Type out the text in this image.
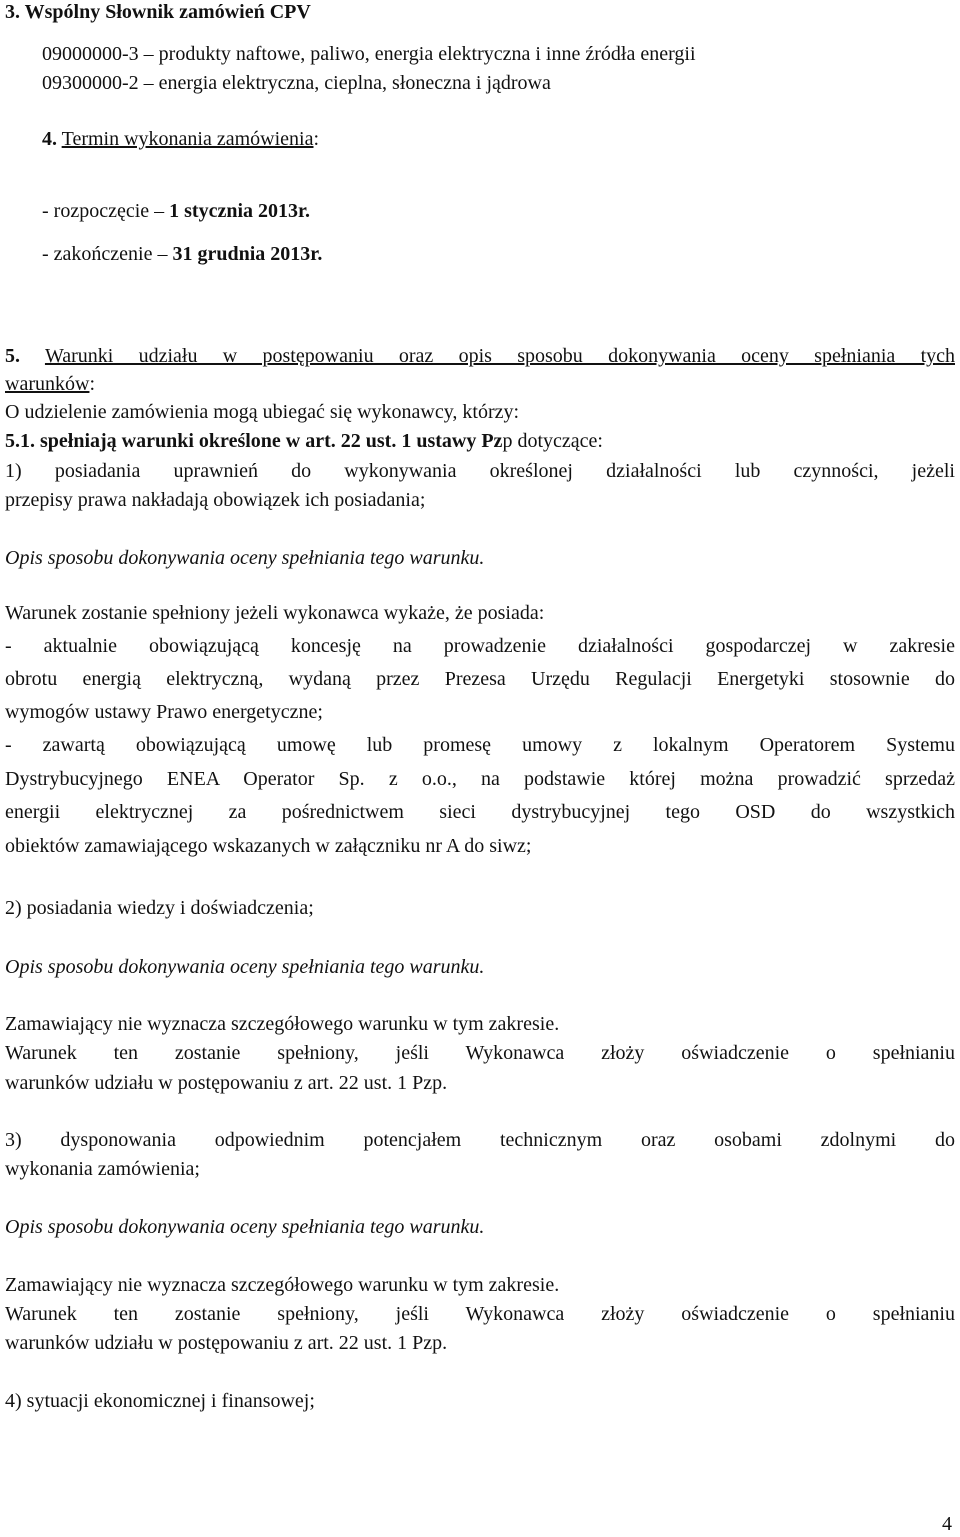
3. Wspólny Słownik zamówień CPV

09000000-3 – produkty naftowe, paliwo, energia elektryczna i inne źródła energii

09300000-2 – energia elektryczna, cieplna, słoneczna i jądrowa

4. Termin wykonania zamówienia:

- rozpoczęcie – 1 stycznia 2013r.

- zakończenie – 31 grudnia 2013r.

5. Warunki udziału w postępowaniu oraz opis sposobu dokonywania oceny spełniania tych

warunków:

O udzielenie zamówienia mogą ubiegać się wykonawcy, którzy:

5.1. spełniają warunki określone w art. 22 ust. 1 ustawy Pzp dotyczące:

1) posiadania uprawnień do wykonywania określonej działalności lub czynności, jeżeli

przepisy prawa nakładają obowiązek ich posiadania;

Opis sposobu dokonywania oceny spełniania tego warunku.

Warunek zostanie spełniony jeżeli wykonawca wykaże, że posiada:

- aktualnie obowiązującą koncesję na prowadzenie działalności gospodarczej w zakresie

obrotu energią elektryczną, wydaną przez Prezesa Urzędu Regulacji Energetyki stosownie do

wymogów ustawy Prawo energetyczne;

- zawartą obowiązującą umowę lub promesę umowy z lokalnym Operatorem Systemu

Dystrybucyjnego ENEA Operator Sp. z o.o., na podstawie której można prowadzić sprzedaż

energii elektrycznej za pośrednictwem sieci dystrybucyjnej tego OSD do wszystkich

obiektów zamawiającego wskazanych w załączniku nr A do siwz;

2) posiadania wiedzy i doświadczenia;

Opis sposobu dokonywania oceny spełniania tego warunku.

Zamawiający nie wyznacza szczegółowego warunku w tym zakresie.

Warunek ten zostanie spełniony, jeśli Wykonawca złoży oświadczenie o spełnianiu

warunków udziału w postępowaniu z art. 22 ust. 1 Pzp.

3) dysponowania odpowiednim potencjałem technicznym oraz osobami zdolnymi do

wykonania zamówienia;

Opis sposobu dokonywania oceny spełniania tego warunku.

Zamawiający nie wyznacza szczegółowego warunku w tym zakresie.

Warunek ten zostanie spełniony, jeśli Wykonawca złoży oświadczenie o spełnianiu

warunków udziału w postępowaniu z art. 22 ust. 1 Pzp.

4) sytuacji ekonomicznej i finansowej;

4
